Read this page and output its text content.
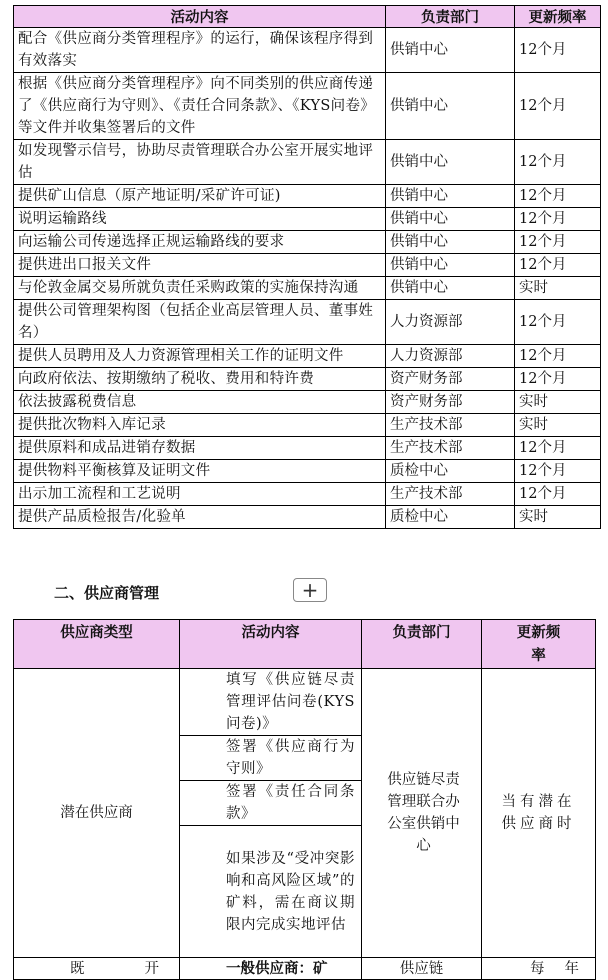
活动内容	负责部门	更新频率
配合《供应商分类管理程序》的运行，确保该程序得到有效落实	供销中心	12个月
根据《供应商分类管理程序》向不同类别的供应商传递了《供应商行为守则》、《责任合同条款》、《KYS问卷》等文件并收集签署后的文件	供销中心	12个月
如发现警示信号，协助尽责管理联合办公室开展实地评估	供销中心	12个月
提供矿山信息（原产地证明/采矿许可证)	供销中心	12个月
说明运输路线	供销中心	12个月
向运输公司传递选择正规运输路线的要求	供销中心	12个月
提供进出口报关文件	供销中心	12个月
与伦敦金属交易所就负责任采购政策的实施保持沟通	供销中心	实时
提供公司管理架构图（包括企业高层管理人员、董事姓名）	人力资源部	12个月
提供人员聘用及人力资源管理相关工作的证明文件	人力资源部	12个月
向政府依法、按期缴纳了税收、费用和特许费	资产财务部	12个月
依法披露税费信息	资产财务部	实时
提供批次物料入库记录	生产技术部	实时
提供原料和成品进销存数据	生产技术部	12个月
提供物料平衡核算及证明文件	质检中心	12个月
出示加工流程和工艺说明	生产技术部	12个月
提供产品质检报告/化验单	质检中心	实时
二、供应商管理	+
供应商类型	活动内容	负责部门	更新频率
潜在供应商	填写《供应链尽责管理评估问卷(KYS问卷)》	供应链尽责管理联合办公室供销中心	当有潜在供应商时
	签署《供应商行为守则》		
	签署《责任合同条款》		
	如果涉及“受冲突影响和高风险区域”的矿料，需在商议期限内完成实地评估		

既 开	一般供应商：矿	供应链	每 年
